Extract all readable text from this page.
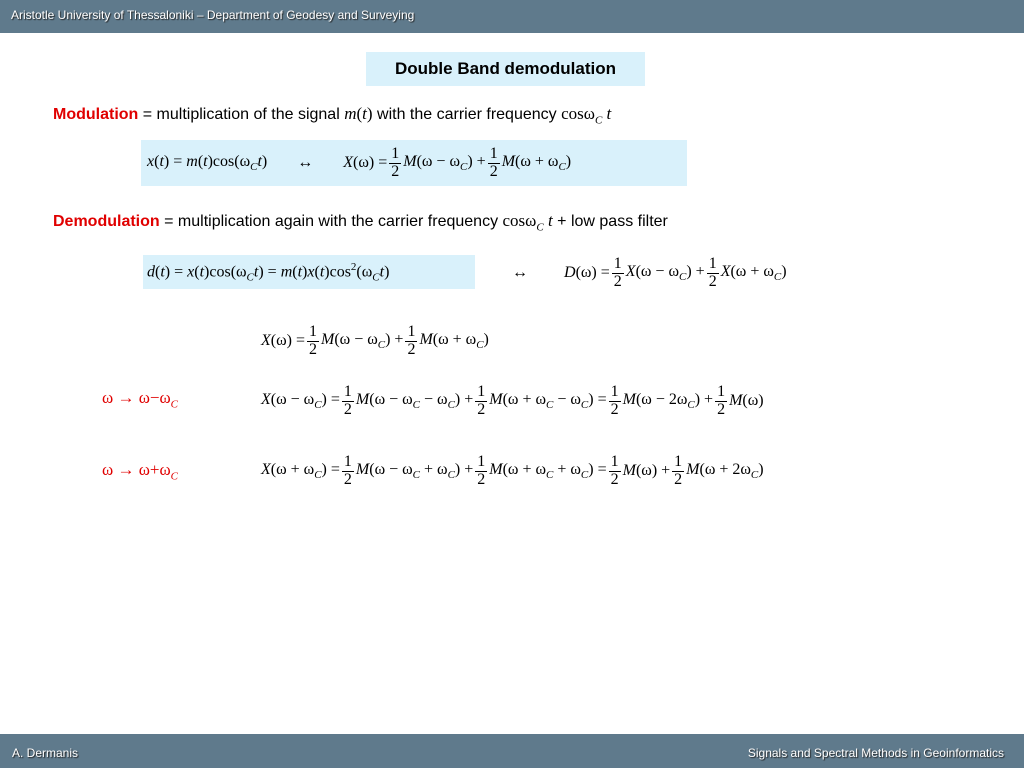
Aristotle University of Thessaloniki – Department of Geodesy and Surveying
Double Band demodulation
Modulation = multiplication of the signal m(t) with the carrier frequency cosω$_C$ t
$x(t) = m(t)\cos(\omega_Ct)$ ↔ $X(\omega) = \frac{1}{2} M(\omega - \omega_C) + \frac{1}{2} M(\omega + \omega_C)$
Demodulation = multiplication again with the carrier frequency cosω$_C$ t + low pass filter
$d(t) = x(t)\cos(\omega_Ct) = m(t)x(t)\cos^2(\omega_Ct)$	↔ $D(\omega) = \frac{1}{2} X(\omega - \omega_C) + \frac{1}{2} X(\omega + \omega_C)$
$X(\omega) = \frac{1}{2} M(\omega - \omega_C) + \frac{1}{2} M(\omega + \omega_C)$
$\omega \to \omega-\omega_C$	$X(\omega - \omega_C) = \frac{1}{2} M(\omega - \omega_C - \omega_C) + \frac{1}{2} M(\omega + \omega_C - \omega_C) = \frac{1}{2} M(\omega - 2\omega_C) + \frac{1}{2} M(\omega)$
$\omega \to \omega+\omega_C$	$X(\omega + \omega_C) = \frac{1}{2} M(\omega - \omega_C + \omega_C) + \frac{1}{2} M(\omega + \omega_C + \omega_C) = \frac{1}{2} M(\omega) + \frac{1}{2} M(\omega + 2\omega_C)$
A. Dermanis	Signals and Spectral Methods in Geoinformatics
